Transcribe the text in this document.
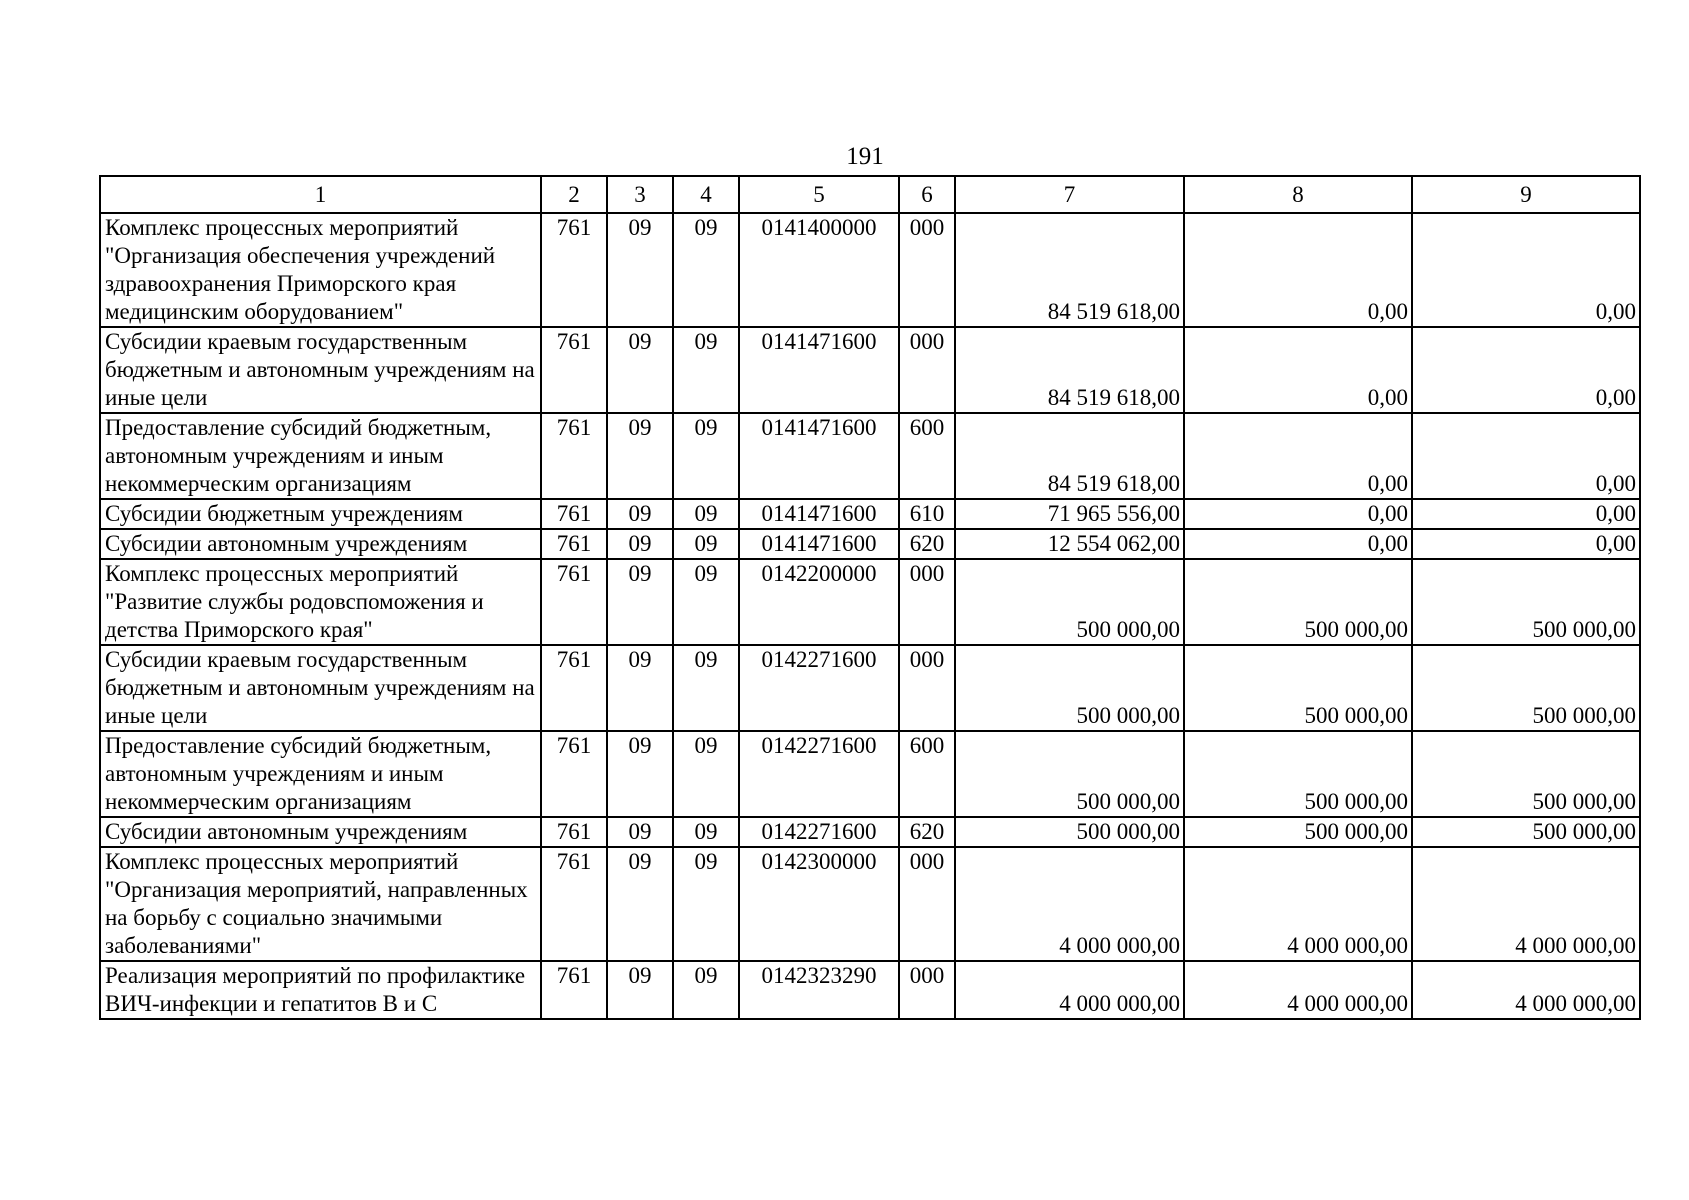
191
1	2	3	4	5	6	7	8	9
Комплекс процессных мероприятий "Организация обеспечения учреждений здравоохранения Приморского края медицинским оборудованием"	761	09	09	0141400000	000	84 519 618,00	0,00	0,00
Субсидии краевым государственным бюджетным и автономным учреждениям на иные цели	761	09	09	0141471600	000	84 519 618,00	0,00	0,00
Предоставление субсидий бюджетным, автономным учреждениям и иным некоммерческим организациям	761	09	09	0141471600	600	84 519 618,00	0,00	0,00
Субсидии бюджетным учреждениям	761	09	09	0141471600	610	71 965 556,00	0,00	0,00
Субсидии автономным учреждениям	761	09	09	0141471600	620	12 554 062,00	0,00	0,00
Комплекс процессных мероприятий "Развитие службы родовспоможения и детства Приморского края"	761	09	09	0142200000	000	500 000,00	500 000,00	500 000,00
Субсидии краевым государственным бюджетным и автономным учреждениям на иные цели	761	09	09	0142271600	000	500 000,00	500 000,00	500 000,00
Предоставление субсидий бюджетным, автономным учреждениям и иным некоммерческим организациям	761	09	09	0142271600	600	500 000,00	500 000,00	500 000,00
Субсидии автономным учреждениям	761	09	09	0142271600	620	500 000,00	500 000,00	500 000,00
Комплекс процессных мероприятий "Организация мероприятий, направленных на борьбу с социально значимыми заболеваниями"	761	09	09	0142300000	000	4 000 000,00	4 000 000,00	4 000 000,00
Реализация мероприятий по профилактике ВИЧ-инфекции и гепатитов В и С	761	09	09	0142323290	000	4 000 000,00	4 000 000,00	4 000 000,00
